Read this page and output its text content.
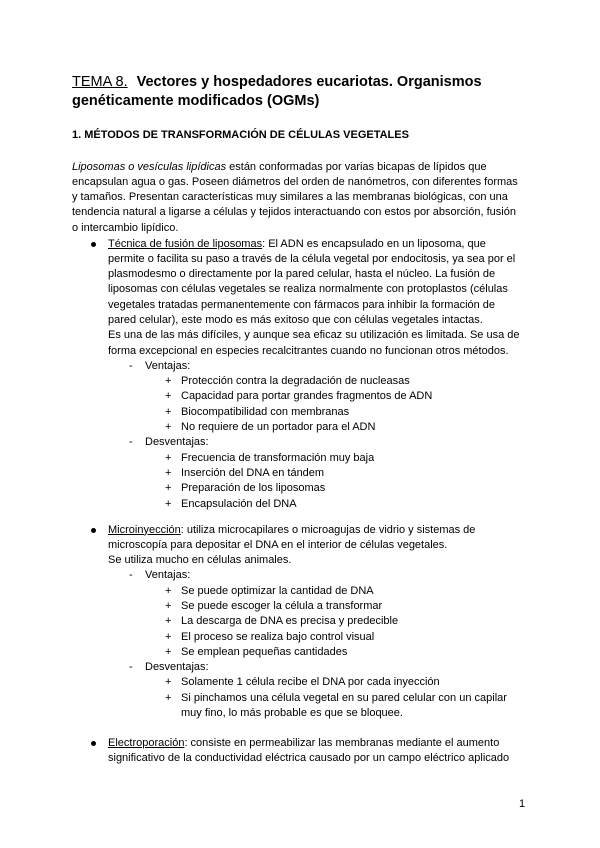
TEMA 8. Vectores y hospedadores eucariotas. Organismos
genéticamente modificados (OGMs)
1. MÉTODOS DE TRANSFORMACIÓN DE CÉLULAS VEGETALES
Liposomas o vesículas lipídicas están conformadas por varias bicapas de lípidos que
encapsulan agua o gas. Poseen diámetros del orden de nanómetros, con diferentes formas
y tamaños. Presentan características muy similares a las membranas biológicas, con una
tendencia natural a ligarse a células y tejidos interactuando con estos por absorción, fusión
o intercambio lipídico.
Técnica de fusión de liposomas: El ADN es encapsulado en un liposoma, que
permite o facilita su paso a través de la célula vegetal por endocitosis, ya sea por el
plasmodesmo o directamente por la pared celular, hasta el núcleo. La fusión de
liposomas con células vegetales se realiza normalmente con protoplastos (células
vegetales tratadas permanentemente con fármacos para inhibir la formación de
pared celular), este modo es más exitoso que con células vegetales intactas.
Es una de las más difíciles, y aunque sea eficaz su utilización es limitada. Se usa de
forma excepcional en especies recalcitrantes cuando no funcionan otros métodos.
- Ventajas:
+ Protección contra la degradación de nucleasas
+ Capacidad para portar grandes fragmentos de ADN
+ Biocompatibilidad con membranas
+ No requiere de un portador para el ADN
- Desventajas:
+ Frecuencia de transformación muy baja
+ Inserción del DNA en tándem
+ Preparación de los liposomas
+ Encapsulación del DNA
Microinyección: utiliza microcapilares o microagujas de vidrio y sistemas de
microscopía para depositar el DNA en el interior de células vegetales.
Se utiliza mucho en células animales.
- Ventajas:
+ Se puede optimizar la cantidad de DNA
+ Se puede escoger la célula a transformar
+ La descarga de DNA es precisa y predecible
+ El proceso se realiza bajo control visual
+ Se emplean pequeñas cantidades
- Desventajas:
+ Solamente 1 célula recibe el DNA por cada inyección
+ Si pinchamos una célula vegetal en su pared celular con un capilar
muy fino, lo más probable es que se bloquee.
Electroporación: consiste en permeabilizar las membranas mediante el aumento
significativo de la conductividad eléctrica causado por un campo eléctrico aplicado
1
